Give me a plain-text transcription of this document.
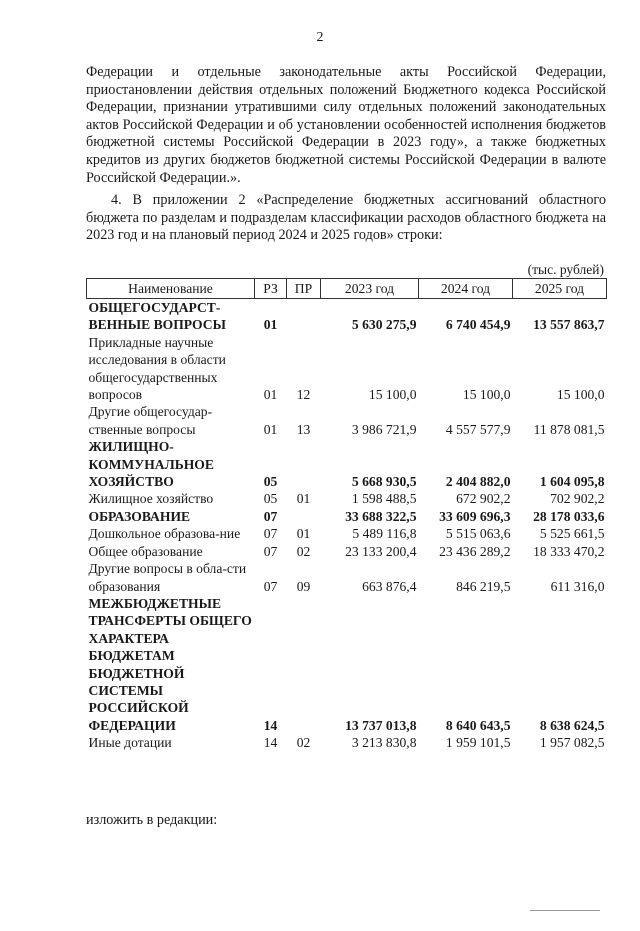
2
Федерации и отдельные законодательные акты Российской Федерации, приостановлении действия отдельных положений Бюджетного кодекса Российской Федерации, признании утратившими силу отдельных положений законодательных актов Российской Федерации и об установлении особенностей исполнения бюджетов бюджетной системы Российской Федерации в 2023 году», а также бюджетных кредитов из других бюджетов бюджетной системы Российской Федерации в валюте Российской Федерации.».
4. В приложении 2 «Распределение бюджетных ассигнований областного бюджета по разделам и подразделам классификации расходов областного бюджета на 2023 год и на плановый период 2024 и 2025 годов» строки:
(тыс. рублей)
Наименование	РЗ	ПР	2023 год	2024 год	2025 год
ОБЩЕГОСУДАРСТ-ВЕННЫЕ ВОПРОСЫ	01		5 630 275,9	6 740 454,9	13 557 863,7
Прикладные научные исследования в области общегосударственных вопросов	01	12	15 100,0	15 100,0	15 100,0
Другие общегосудар-ственные вопросы	01	13	3 986 721,9	4 557 577,9	11 878 081,5
ЖИЛИЩНО-КОММУНАЛЬНОЕ ХОЗЯЙСТВО	05		5 668 930,5	2 404 882,0	1 604 095,8
Жилищное хозяйство	05	01	1 598 488,5	672 902,2	702 902,2
ОБРАЗОВАНИЕ	07		33 688 322,5	33 609 696,3	28 178 033,6
Дошкольное образова-ние	07	01	5 489 116,8	5 515 063,6	5 525 661,5
Общее образование	07	02	23 133 200,4	23 436 289,2	18 333 470,2
Другие вопросы в обла-сти образования	07	09	663 876,4	846 219,5	611 316,0
МЕЖБЮДЖЕТНЫЕ ТРАНСФЕРТЫ ОБЩЕГО ХАРАКТЕРА БЮДЖЕТАМ БЮДЖЕТНОЙ СИСТЕМЫ РОССИЙСКОЙ ФЕДЕРАЦИИ	14		13 737 013,8	8 640 643,5	8 638 624,5
Иные дотации	14	02	3 213 830,8	1 959 101,5	1 957 082,5
изложить в редакции:
